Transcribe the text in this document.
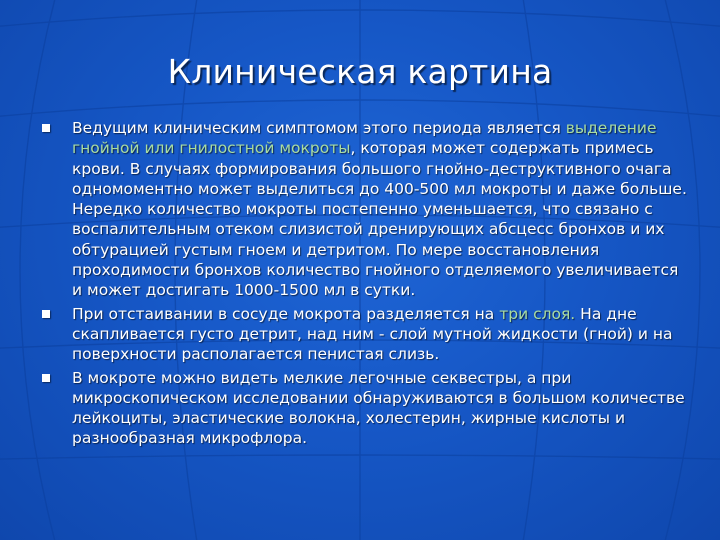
Клиническая картина
Ведущим клиническим симптомом этого периода является выделение гнойной или гнилостной мокроты, которая может содержать примесь крови. В случаях формирования большого гнойно-деструктивного очага одномоментно может выделиться до 400-500 мл мокроты и даже больше. Нередко количество мокроты постепенно уменьшается, что связано с воспалительным отеком слизистой дренирующих абсцесс бронхов и их обтурацией густым гноем и детритом. По мере восстановления проходимости бронхов количество гнойного отделяемого увеличивается и может достигать 1000-1500 мл в сутки.
При отстаивании в сосуде мокрота разделяется на три слоя. На дне скапливается густо детрит, над ним - слой мутной жидкости (гной) и на поверхности располагается пенистая слизь.
В мокроте можно видеть мелкие легочные секвестры, а при микроскопическом исследовании обнаруживаются в большом количестве лейкоциты, эластические волокна, холестерин, жирные кислоты и разнообразная микрофлора.
